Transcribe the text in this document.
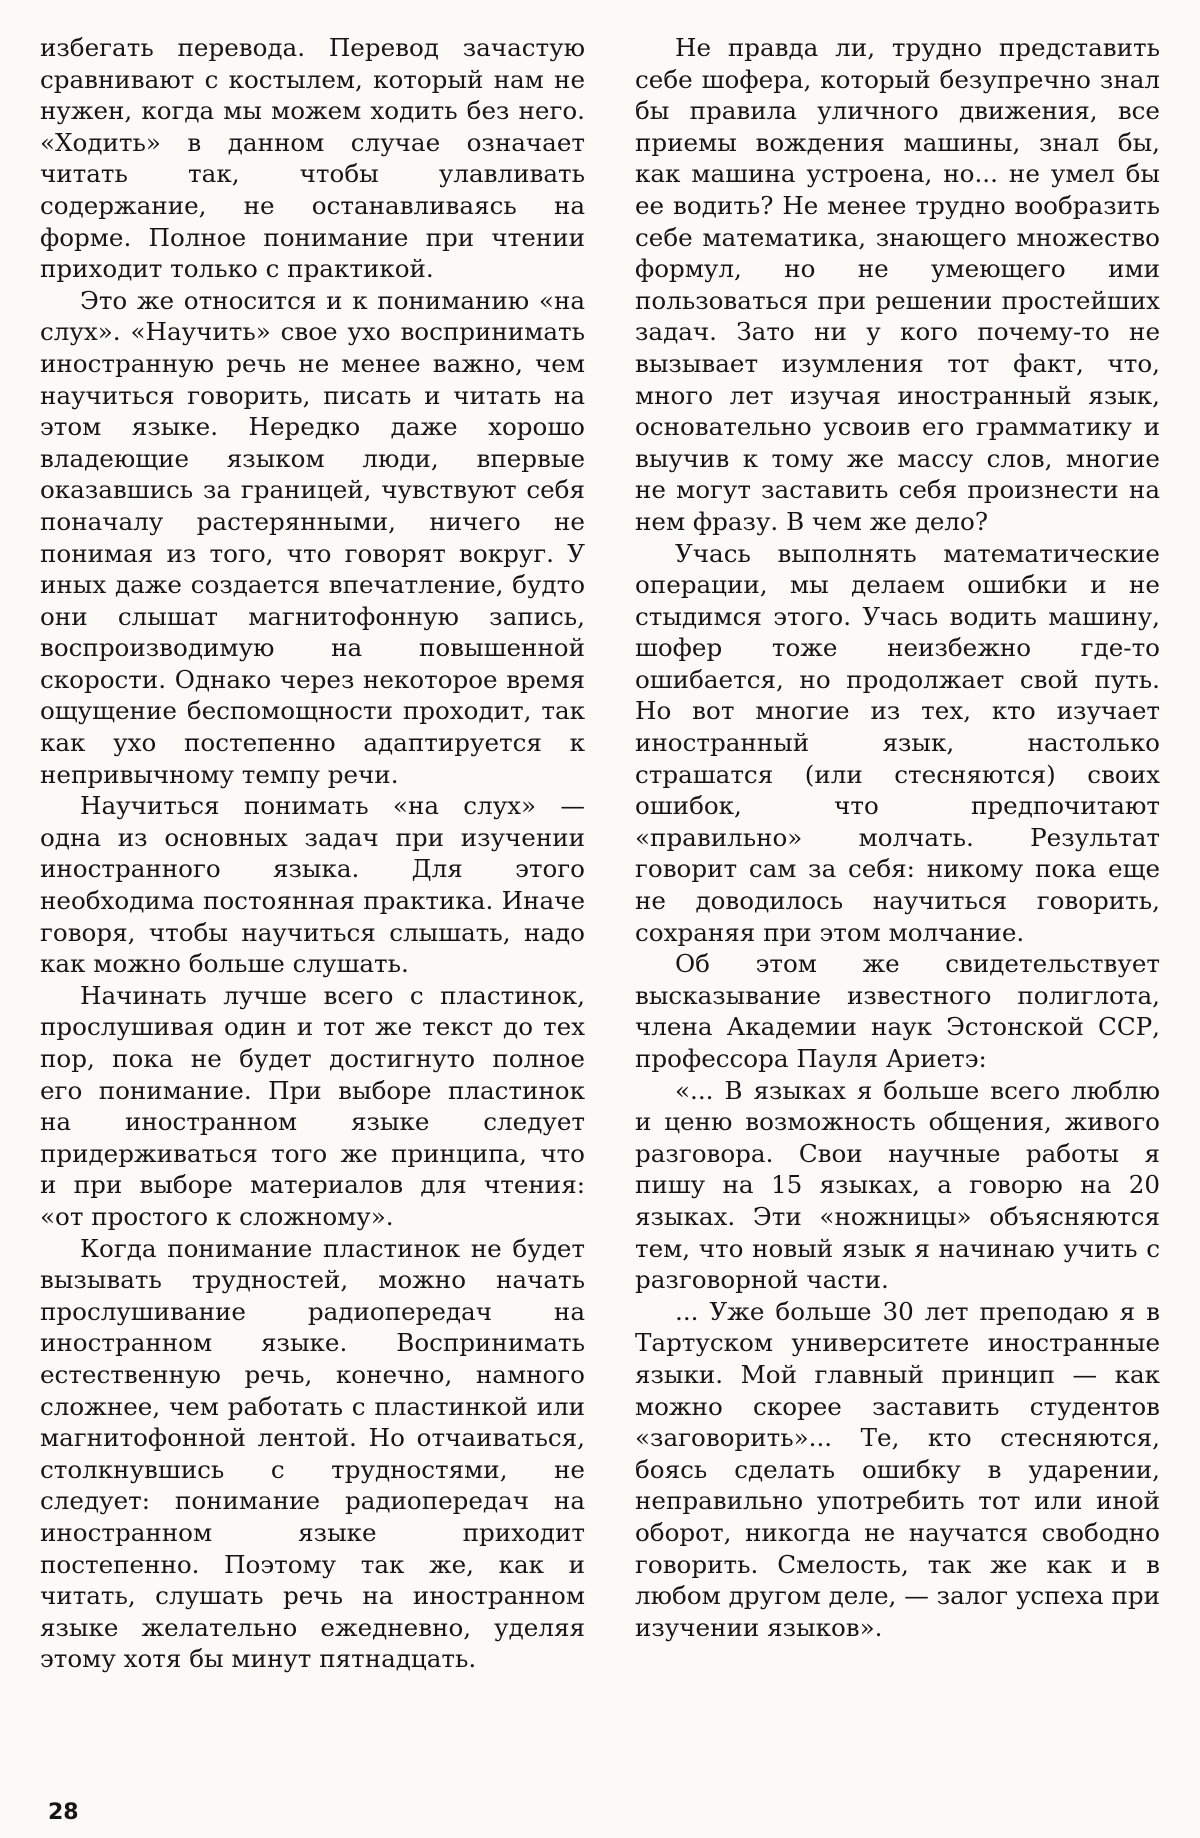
избегать перевода. Перевод зачастую сравнивают с костылем, который нам не нужен, когда мы можем ходить без него. «Ходить» в данном случае означает читать так, чтобы улавливать содержание, не останавливаясь на форме. Полное понимание при чтении приходит только с практикой.

Это же относится и к пониманию «на слух». «Научить» свое ухо воспринимать иностранную речь не менее важно, чем научиться говорить, писать и читать на этом языке. Нередко даже хорошо владеющие языком люди, впервые оказавшись за границей, чувствуют себя поначалу растерянными, ничего не понимая из того, что говорят вокруг. У иных даже создается впечатление, будто они слышат магнитофонную запись, воспроизводимую на повышенной скорости. Однако через некоторое время ощущение беспомощности проходит, так как ухо постепенно адаптируется к непривычному темпу речи.

Научиться понимать «на слух» — одна из основных задач при изучении иностранного языка. Для этого необходима постоянная практика. Иначе говоря, чтобы научиться слышать, надо как можно больше слушать.

Начинать лучше всего с пластинок, прослушивая один и тот же текст до тех пор, пока не будет достигнуто полное его понимание. При выборе пластинок на иностранном языке следует придерживаться того же принципа, что и при выборе материалов для чтения: «от простого к сложному».

Когда понимание пластинок не будет вызывать трудностей, можно начать прослушивание радиопередач на иностранном языке. Воспринимать естественную речь, конечно, намного сложнее, чем работать с пластинкой или магнитофонной лентой. Но отчаиваться, столкнувшись с трудностями, не следует: понимание радиопередач на иностранном языке приходит постепенно. Поэтому так же, как и читать, слушать речь на иностранном языке желательно ежедневно, уделяя этому хотя бы минут пятнадцать.

Не правда ли, трудно представить себе шофера, который безупречно знал бы правила уличного движения, все приемы вождения машины, знал бы, как машина устроена, но... не умел бы ее водить? Не менее трудно вообразить себе математика, знающего множество формул, но не умеющего ими пользоваться при решении простейших задач. Зато ни у кого почему-то не вызывает изумления тот факт, что, много лет изучая иностранный язык, основательно усвоив его грамматику и выучив к тому же массу слов, многие не могут заставить себя произнести на нем фразу. В чем же дело?

Учась выполнять математические операции, мы делаем ошибки и не стыдимся этого. Учась водить машину, шофер тоже неизбежно где-то ошибается, но продолжает свой путь. Но вот многие из тех, кто изучает иностранный язык, настолько страшатся (или стесняются) своих ошибок, что предпочитают «правильно» молчать. Результат говорит сам за себя: никому пока еще не доводилось научиться говорить, сохраняя при этом молчание.

Об этом же свидетельствует высказывание известного полиглота, члена Академии наук Эстонской ССР, профессора Пауля Ариетэ:

«... В языках я больше всего люблю и ценю возможность общения, живого разговора. Свои научные работы я пишу на 15 языках, а говорю на 20 языках. Эти «ножницы» объясняются тем, что новый язык я начинаю учить с разговорной части.

... Уже больше 30 лет преподаю я в Тартуском университете иностранные языки. Мой главный принцип — как можно скорее заставить студентов «заговорить»... Те, кто стесняются, боясь сделать ошибку в ударении, неправильно употребить тот или иной оборот, никогда не научатся свободно говорить. Смелость, так же как и в любом другом деле, — залог успеха при изучении языков».

28
